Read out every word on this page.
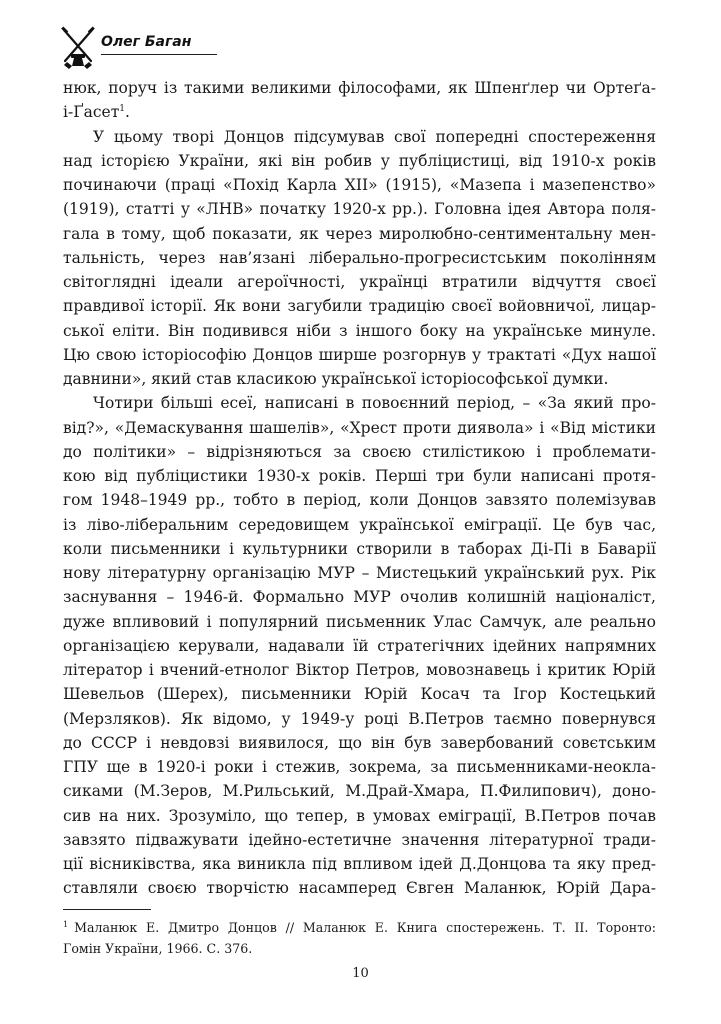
Олег Баган
нюк, поруч із такими великими філософами, як Шпенґлер чи Ортеґа-
і-Ґасет$^1$.
У цьому творі Донцов підсумував свої попередні спостереження
над історією України, які він робив у публіцистиці, від 1910-х років
починаючи (праці «Похід Карла XII» (1915), «Мазепа і мазепенство»
(1919), статті у «ЛНВ» початку 1920-х рр.). Головна ідея Автора поля-
гала в тому, щоб показати, як через миролюбно-сентиментальну мен-
тальність, через нав’язані ліберально-прогресистським поколінням
світоглядні ідеали агероїчності, українці втратили відчуття своєї
правдивої історії. Як вони загубили традицію своєї войовничої, лицар-
ської еліти. Він подивився ніби з іншого боку на українське минуле.
Цю свою історіософію Донцов ширше розгорнув у трактаті «Дух нашої
давнини», який став класикою української історіософської думки.
Чотири більші есеї, написані в повоєнний період, – «За який про-
від?», «Демаскування шашелів», «Хрест проти диявола» і «Від містики
до політики» – відрізняються за своєю стилістикою і проблемати-
кою від публіцистики 1930-х років. Перші три були написані протя-
гом 1948–1949 рр., тобто в період, коли Донцов завзято полемізував
із ліво-ліберальним середовищем української еміграції. Це був час,
коли письменники і культурники створили в таборах Ді-Пі в Баварії
нову літературну організацію МУР – Мистецький український рух. Рік
заснування – 1946-й. Формально МУР очолив колишній націоналіст,
дуже впливовий і популярний письменник Улас Самчук, але реально
організацією керували, надавали їй стратегічних ідейних напрямних
літератор і вчений-етнолог Віктор Петров, мовознавець і критик Юрій
Шевельов (Шерех), письменники Юрій Косач та Ігор Костецький
(Мерзляков). Як відомо, у 1949-у році В.Петров таємно повернувся
до СССР і невдовзі виявилося, що він був завербований совєтським
ГПУ ще в 1920-і роки і стежив, зокрема, за письменниками-неокла-
сиками (М.Зеров, М.Рильський, М.Драй-Хмара, П.Филипович), доно-
сив на них. Зрозуміло, що тепер, в умовах еміграції, В.Петров почав
завзято підважувати ідейно-естетичне значення літературної тради-
ції вісниківства, яка виникла під впливом ідей Д.Донцова та яку пред-
ставляли своєю творчістю насамперед Євген Маланюк, Юрій Дара-
$^1$ Маланюк Е. Дмитро Донцов // Маланюк Е. Книга спостережень. Т. ІІ. Торонто:
Гомін України, 1966. С. 376.
10
